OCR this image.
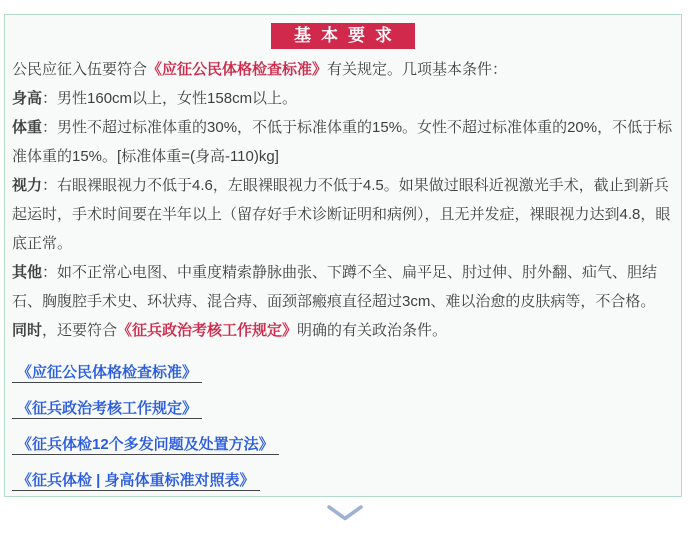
基本要求

公民应征入伍要符合《应征公民体格检查标准》有关规定。几项基本条件：

身高：男性160cm以上，女性158cm以上。

体重：男性不超过标准体重的30%，不低于标准体重的15%。女性不超过标准体重的20%，不低于标准体重的15%。[标准体重=(身高-110)kg]

视力：右眼裸眼视力不低于4.6，左眼裸眼视力不低于4.5。如果做过眼科近视激光手术，截止到新兵起运时，手术时间要在半年以上（留存好手术诊断证明和病例），且无并发症，裸眼视力达到4.8，眼底正常。

其他：如不正常心电图、中重度精索静脉曲张、下蹲不全、扁平足、肘过伸、肘外翻、疝气、胆结石、胸腹腔手术史、环状痔、混合痔、面颈部瘢痕直径超过3cm、难以治愈的皮肤病等，不合格。

同时，还要符合《征兵政治考核工作规定》明确的有关政治条件。

《应征公民体格检查标准》
《征兵政治考核工作规定》
《征兵体检12个多发问题及处置方法》
《征兵体检 | 身高体重标准对照表》
